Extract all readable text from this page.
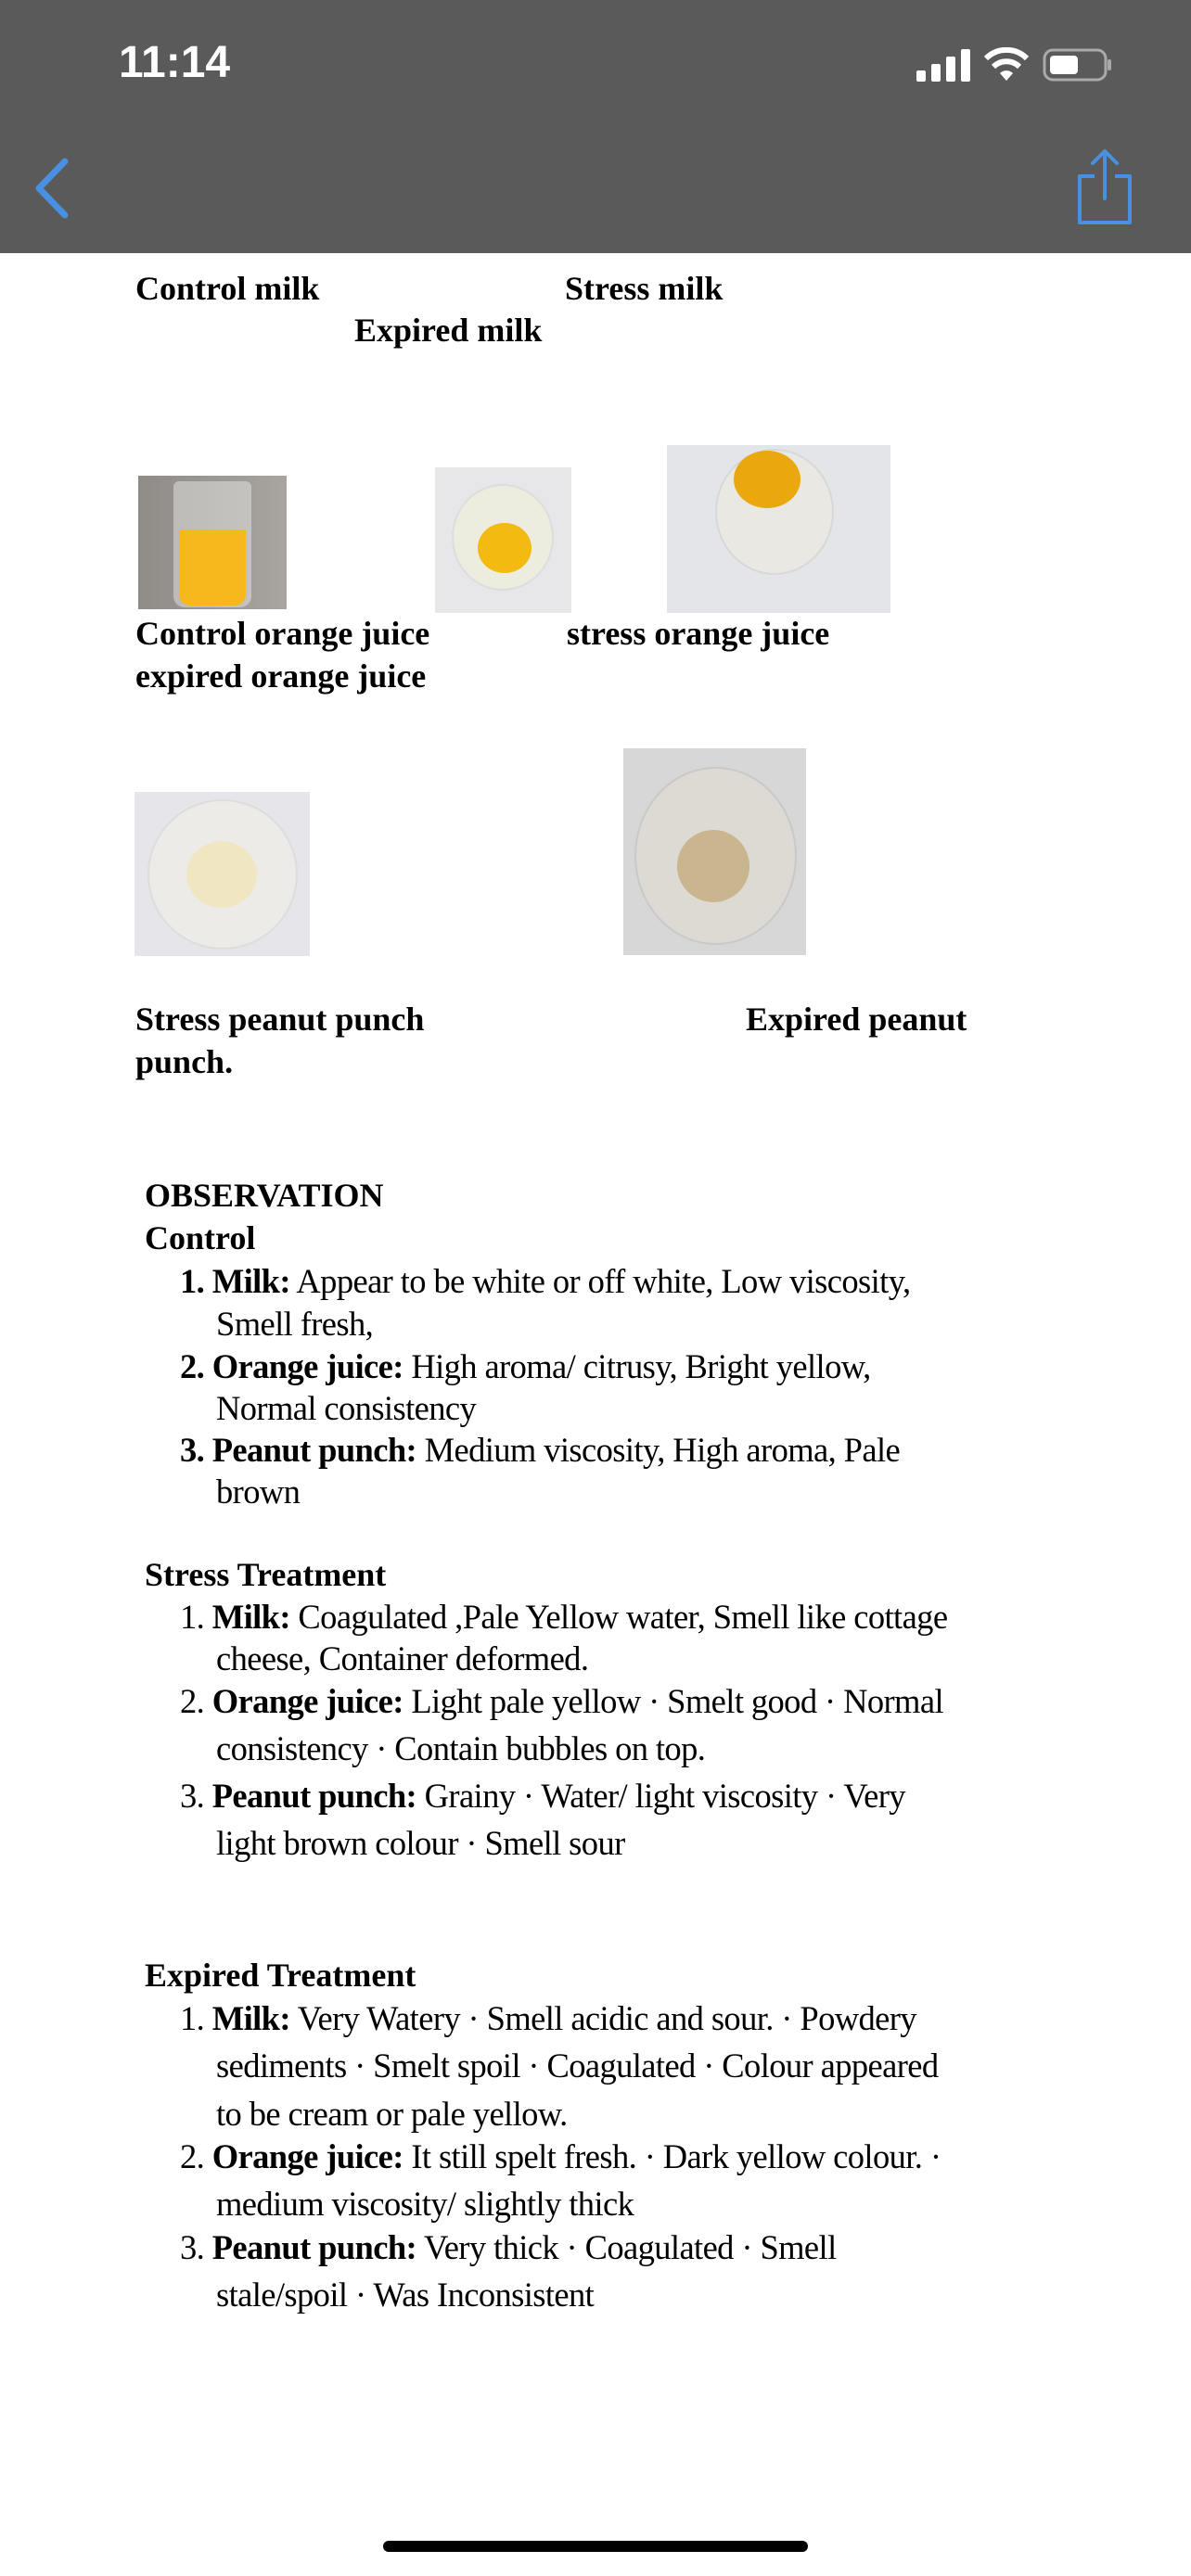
11:14
Control milk	Stress milk
Expired milk
Control orange juice	stress orange juice
expired orange juice
Stress peanut punch	Expired peanut
punch.
OBSERVATION
Control
1. Milk: Appear to be white or off white, Low viscosity,
Smell fresh,
2. Orange juice: High aroma/ citrusy, Bright yellow,
Normal consistency
3. Peanut punch: Medium viscosity, High aroma, Pale
brown
Stress Treatment
1. Milk: Coagulated ,Pale Yellow water, Smell like cottage
cheese, Container deformed.
2. Orange juice: Light pale yellow · Smelt good · Normal
consistency · Contain bubbles on top.
3. Peanut punch: Grainy · Water/ light viscosity · Very
light brown colour · Smell sour
Expired Treatment
1. Milk: Very Watery · Smell acidic and sour. · Powdery
sediments · Smelt spoil · Coagulated · Colour appeared
to be cream or pale yellow.
2. Orange juice: It still spelt fresh. · Dark yellow colour. ·
medium viscosity/ slightly thick
3. Peanut punch: Very thick · Coagulated · Smell
stale/spoil · Was Inconsistent
